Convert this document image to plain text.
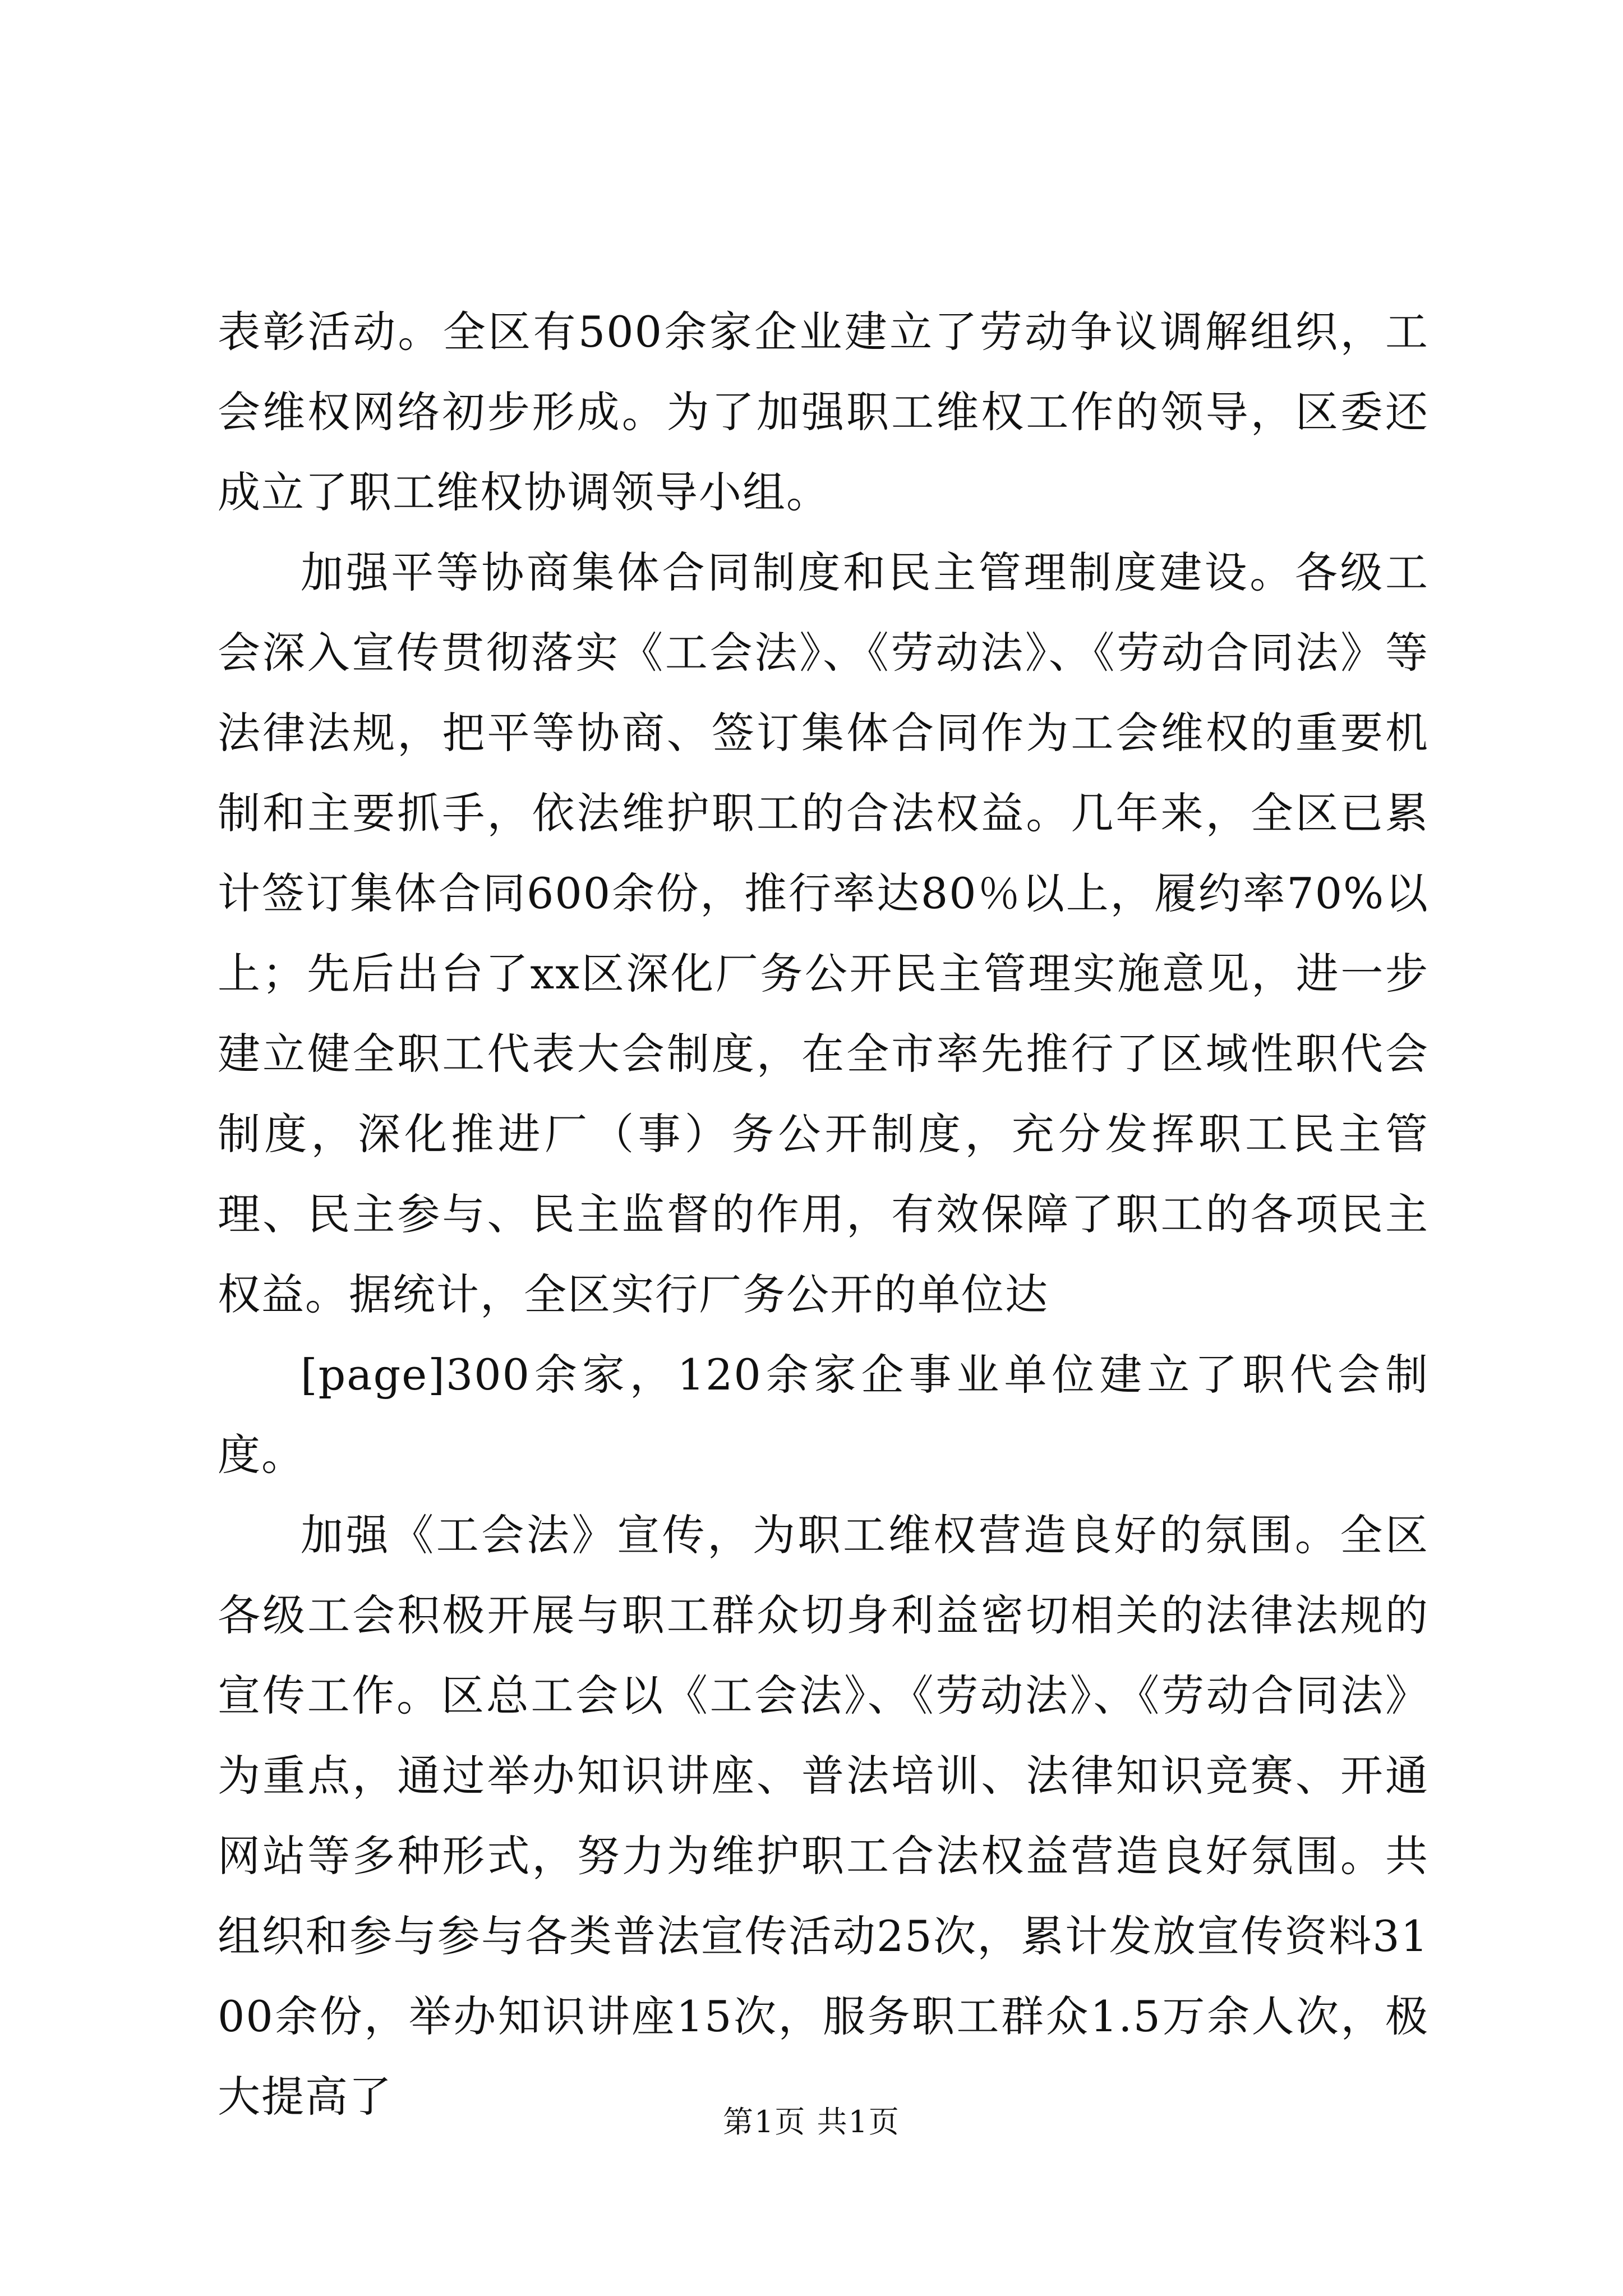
表彰活动。全区有500余家企业建立了劳动争议调解组织，工会维权网络初步形成。为了加强职工维权工作的领导，区委还成立了职工维权协调领导小组。

加强平等协商集体合同制度和民主管理制度建设。各级工会深入宣传贯彻落实《工会法》、《劳动法》、《劳动合同法》等法律法规，把平等协商、签订集体合同作为工会维权的重要机制和主要抓手，依法维护职工的合法权益。几年来，全区已累计签订集体合同600余份，推行率达80％以上，履约率70%以上；先后出台了xx区深化厂务公开民主管理实施意见，进一步建立健全职工代表大会制度，在全市率先推行了区域性职代会制度，深化推进厂（事）务公开制度，充分发挥职工民主管理、民主参与、民主监督的作用，有效保障了职工的各项民主权益。据统计，全区实行厂务公开的单位达

[page]300余家，120余家企事业单位建立了职代会制度。

加强《工会法》宣传，为职工维权营造良好的氛围。全区各级工会积极开展与职工群众切身利益密切相关的法律法规的宣传工作。区总工会以《工会法》、《劳动法》、《劳动合同法》为重点，通过举办知识讲座、普法培训、法律知识竞赛、开通网站等多种形式，努力为维护职工合法权益营造良好氛围。共组织和参与参与各类普法宣传活动25次，累计发放宣传资料3100余份，举办知识讲座15次，服务职工群众1.5万余人次，极大提高了

第1页 共1页
